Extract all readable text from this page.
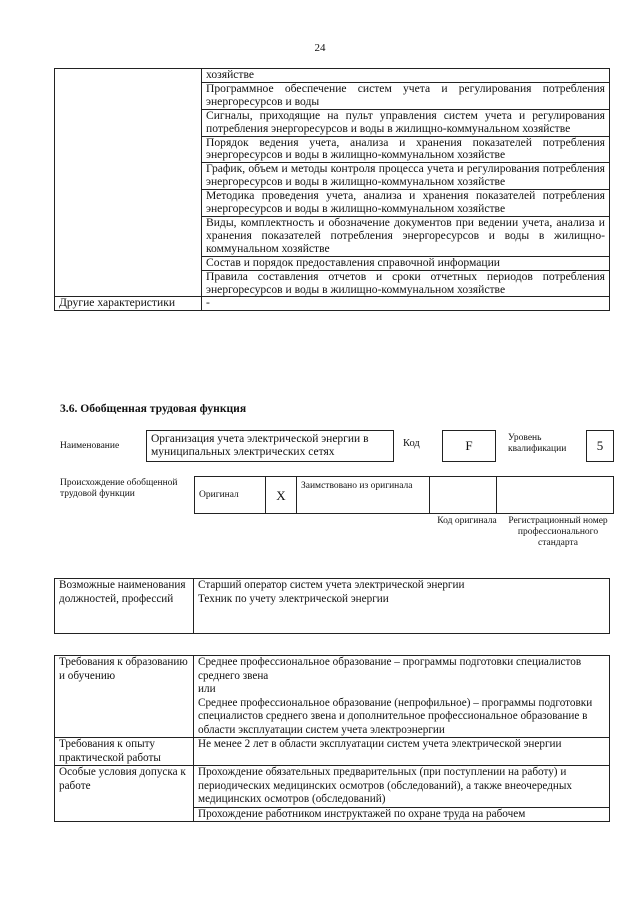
24
	хозяйстве
	Программное обеспечение систем учета и регулирования потребления энергоресурсов и воды
	Сигналы, приходящие на пульт управления систем учета и регулирования потребления энергоресурсов и воды в жилищно-коммунальном хозяйстве
	Порядок ведения учета, анализа и хранения показателей потребления энергоресурсов и воды в жилищно-коммунальном хозяйстве
	График, объем и методы контроля процесса учета и регулирования потребления энергоресурсов и воды в жилищно-коммунальном хозяйстве
	Методика проведения учета, анализа и хранения показателей потребления энергоресурсов и воды в жилищно-коммунальном хозяйстве
	Виды, комплектность и обозначение документов при ведении учета, анализа и хранения показателей потребления энергоресурсов и воды в жилищно-коммунальном хозяйстве
	Состав и порядок предоставления справочной информации
	Правила составления отчетов и сроки отчетных периодов потребления энергоресурсов и воды в жилищно-коммунальном хозяйстве
Другие характеристики	-
3.6. Обобщенная трудовая функция
Наименование
Организация учета электрической энергии в муниципальных электрических сетях
Код	F	Уровень квалификации	5
Происхождение обобщенной трудовой функции	Оригинал	X	Заимствовано из оригинала		
Код оригинала	Регистрационный номер профессионального стандарта
Возможные наименования должностей, профессий	
Старший оператор систем учета электрической энергии
Техник по учету электрической энергии
Требования к образованию и обучению	Среднее профессиональное образование – программы подготовки специалистов среднего звена
или
Среднее профессиональное образование (непрофильное) – программы подготовки специалистов среднего звена и дополнительное профессиональное образование в области эксплуатации систем учета электроэнергии

Требования к опыту практической работы	Не менее 2 лет в области эксплуатации систем учета электрической энергии

Особые условия допуска к работе	Прохождение обязательных предварительных (при поступлении на работу) и периодических медицинских осмотров (обследований), а также внеочередных медицинских осмотров (обследований)

	Прохождение работником инструктажей по охране труда на рабочем
